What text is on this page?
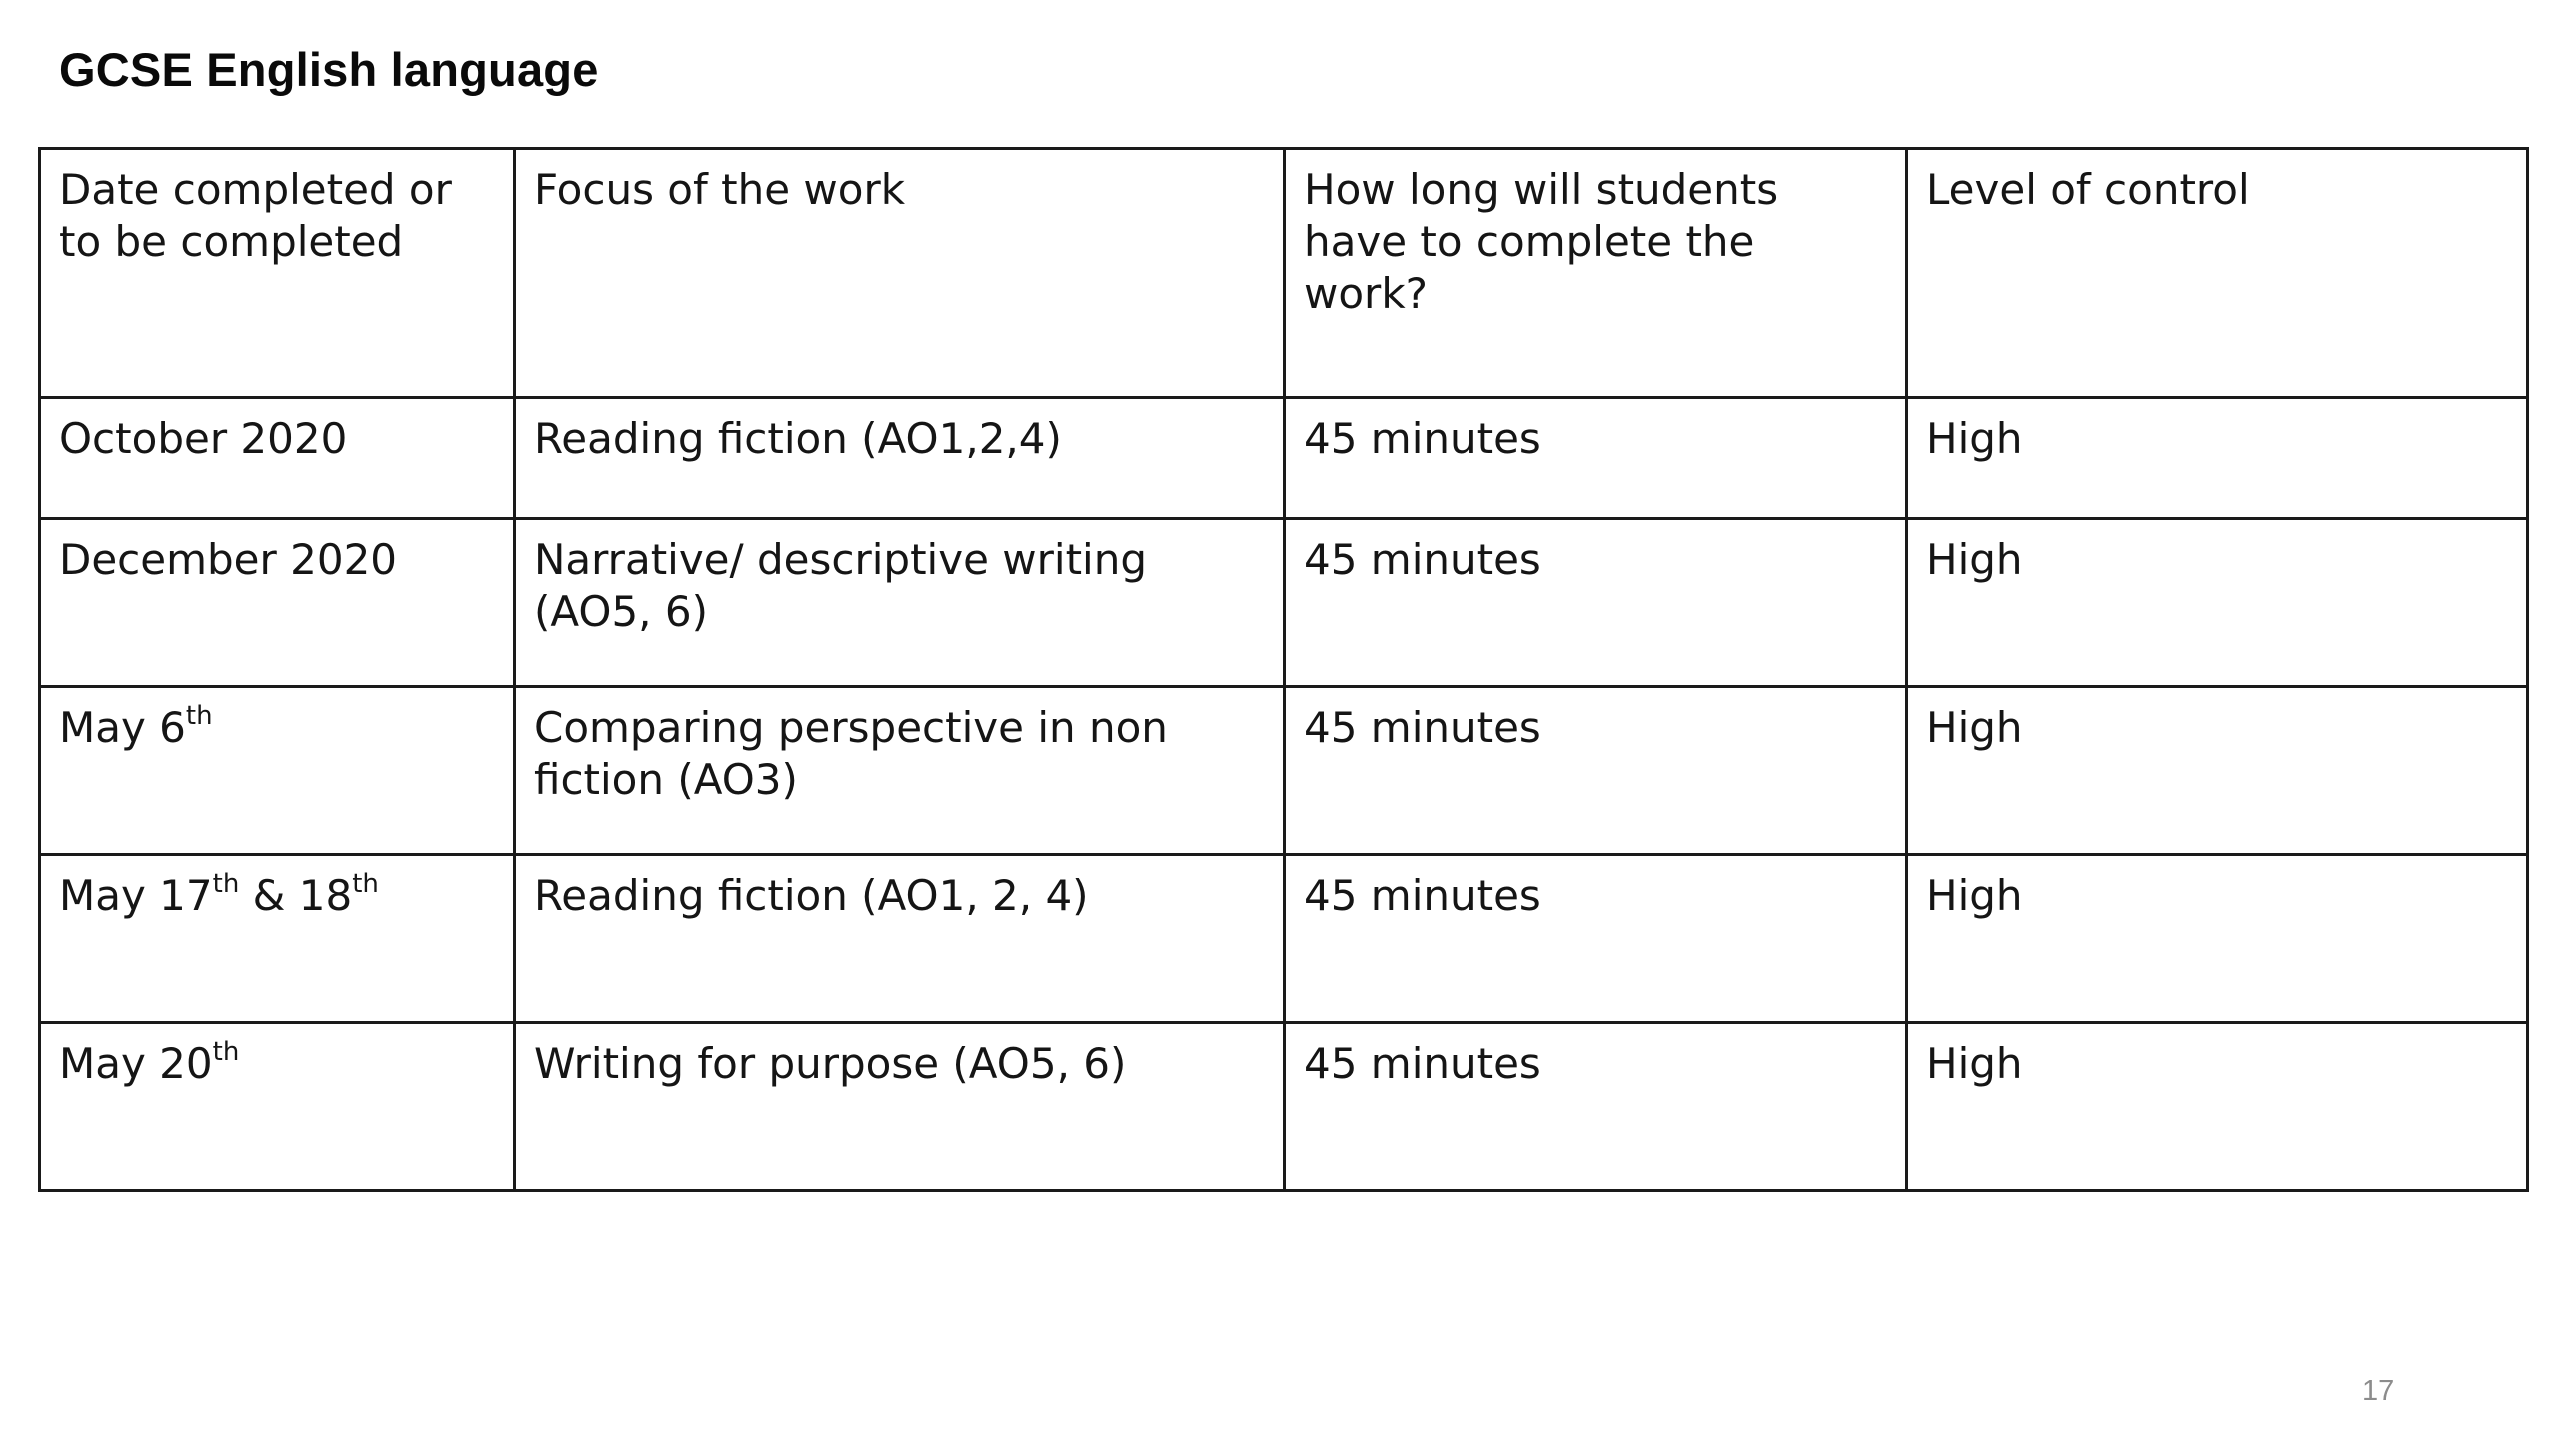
GCSE English language
Date completed or to be completed	Focus of the work	How long will students have to complete the work?	Level of control
October 2020	Reading fiction (AO1,2,4)	45 minutes	High
December 2020	Narrative/ descriptive writing (AO5, 6)	45 minutes	High
May 6th	Comparing perspective in non fiction (AO3)	45 minutes	High
May 17th & 18th	Reading fiction (AO1, 2, 4)	45 minutes	High
May 20th	Writing for purpose (AO5, 6)	45 minutes	High
17
